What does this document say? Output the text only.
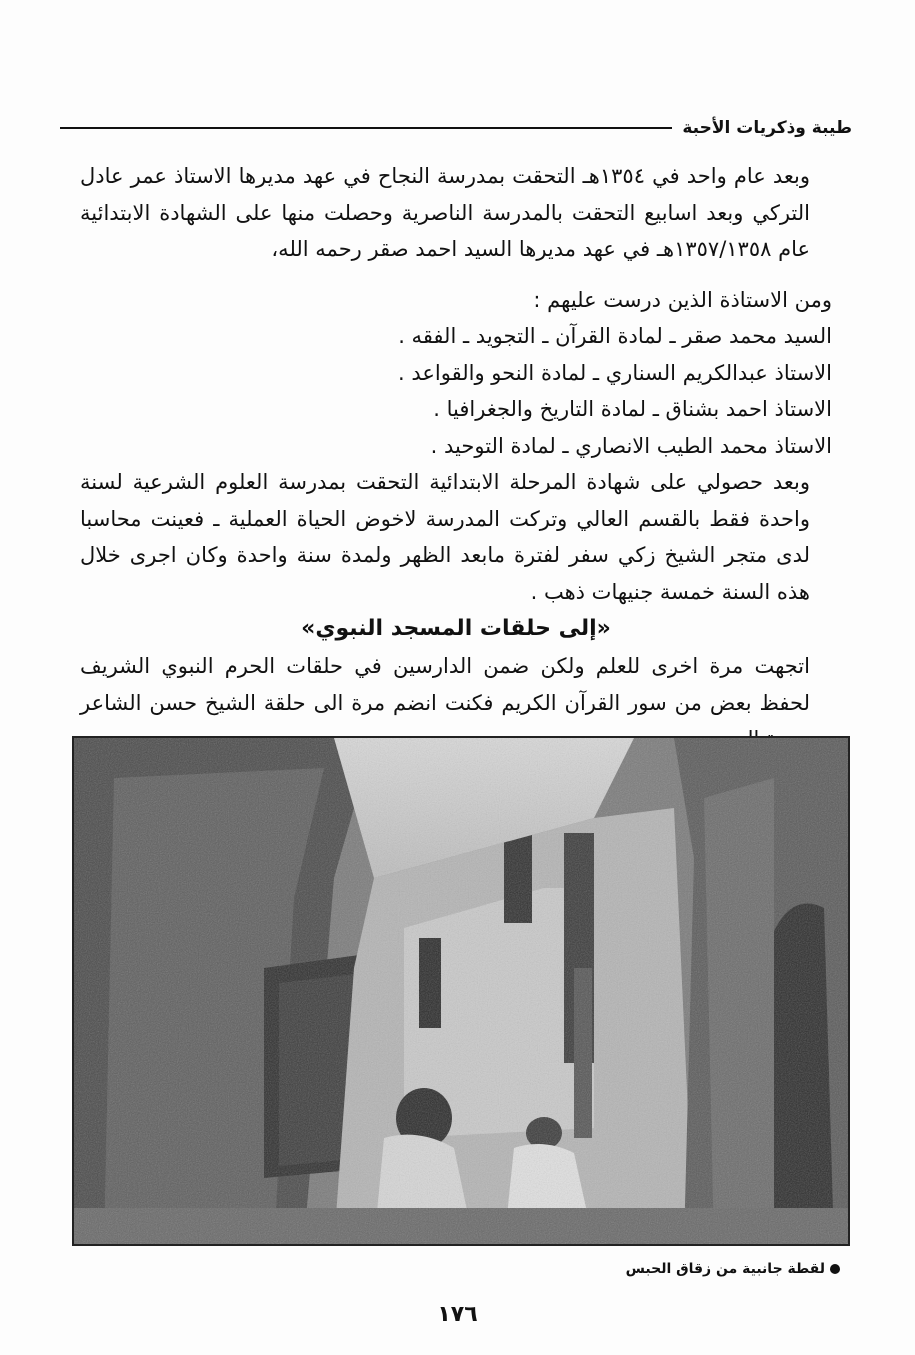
طيبة وذكريات الأحبة

وبعد عام واحد في ١٣٥٤هـ التحقت بمدرسة النجاح في عهد مديرها الاستاذ عمر عادل التركي وبعد اسابيع التحقت بالمدرسة الناصرية وحصلت منها على الشهادة الابتدائية عام ١٣٥٧/١٣٥٨هـ في عهد مديرها السيد احمد صقر رحمه الله،

ومن الاستاذة الذين درست عليهم :

السيد محمد صقر ـ لمادة القرآن ـ التجويد ـ الفقه .

الاستاذ عبدالكريم السناري ـ لمادة النحو والقواعد .

الاستاذ احمد بشناق ـ لمادة التاريخ والجغرافيا .

الاستاذ محمد الطيب الانصاري ـ لمادة التوحيد .

وبعد حصولي على شهادة المرحلة الابتدائية التحقت بمدرسة العلوم الشرعية لسنة واحدة فقط بالقسم العالي وتركت المدرسة لاخوض الحياة العملية ـ فعينت محاسبا لدى متجر الشيخ زكي سفر لفترة مابعد الظهر ولمدة سنة واحدة وكان اجرى خلال هذه السنة خمسة جنيهات ذهب .

«إلى حلقات المسجد النبوي»

اتجهت مرة اخرى للعلم ولكن ضمن الدارسين في حلقات الحرم النبوي الشريف لحفظ بعض من سور القرآن الكريم فكنت انضم مرة الى حلقة الشيخ حسن الشاعر

لقطة جانبية من زقاق الحبس
١٧٦
